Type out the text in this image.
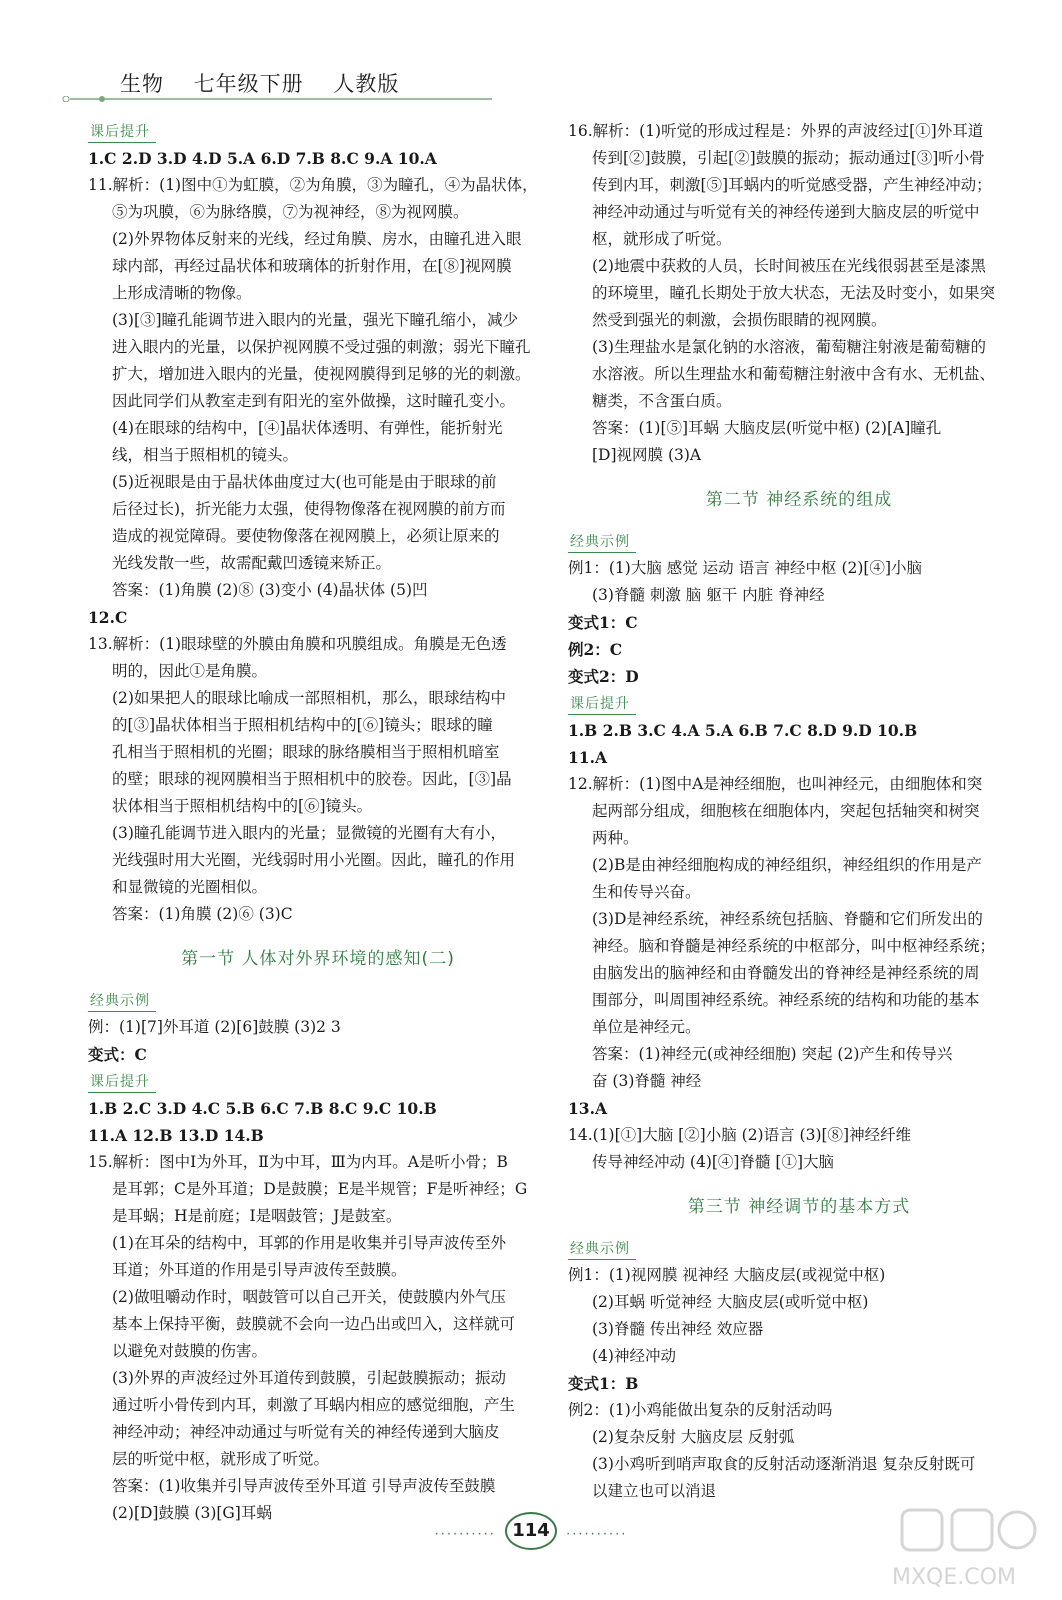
生物 七年级下册 人教版
课后提升
1.C 2.D 3.D 4.D 5.A 6.D 7.B 8.C 9.A 10.A
11.解析：(1)图中①为虹膜，②为角膜，③为瞳孔，④为晶状体，
⑤为巩膜，⑥为脉络膜，⑦为视神经，⑧为视网膜。
(2)外界物体反射来的光线，经过角膜、房水，由瞳孔进入眼
球内部，再经过晶状体和玻璃体的折射作用，在[⑧]视网膜
上形成清晰的物像。
(3)[③]瞳孔能调节进入眼内的光量，强光下瞳孔缩小，减少
进入眼内的光量，以保护视网膜不受过强的刺激；弱光下瞳孔
扩大，增加进入眼内的光量，使视网膜得到足够的光的刺激。
因此同学们从教室走到有阳光的室外做操，这时瞳孔变小。
(4)在眼球的结构中，[④]晶状体透明、有弹性，能折射光
线，相当于照相机的镜头。
(5)近视眼是由于晶状体曲度过大(也可能是由于眼球的前
后径过长)，折光能力太强，使得物像落在视网膜的前方而
造成的视觉障碍。要使物像落在视网膜上，必须让原来的
光线发散一些，故需配戴凹透镜来矫正。
答案：(1)角膜 (2)⑧ (3)变小 (4)晶状体 (5)凹
12.C
13.解析：(1)眼球壁的外膜由角膜和巩膜组成。角膜是无色透
明的，因此①是角膜。
(2)如果把人的眼球比喻成一部照相机，那么，眼球结构中
的[③]晶状体相当于照相机结构中的[⑥]镜头；眼球的瞳
孔相当于照相机的光圈；眼球的脉络膜相当于照相机暗室
的壁；眼球的视网膜相当于照相机中的胶卷。因此，[③]晶
状体相当于照相机结构中的[⑥]镜头。
(3)瞳孔能调节进入眼内的光量；显微镜的光圈有大有小，
光线强时用大光圈，光线弱时用小光圈。因此，瞳孔的作用
和显微镜的光圈相似。
答案：(1)角膜 (2)⑥ (3)C
第一节 人体对外界环境的感知(二)
经典示例
例：(1)[7]外耳道 (2)[6]鼓膜 (3)2 3
变式：C
课后提升
1.B 2.C 3.D 4.C 5.B 6.C 7.B 8.C 9.C 10.B
11.A 12.B 13.D 14.B
15.解析：图中Ⅰ为外耳，Ⅱ为中耳，Ⅲ为内耳。A是听小骨；B
是耳郭；C是外耳道；D是鼓膜；E是半规管；F是听神经；G
是耳蜗；H是前庭；I是咽鼓管；J是鼓室。
(1)在耳朵的结构中，耳郭的作用是收集并引导声波传至外
耳道；外耳道的作用是引导声波传至鼓膜。
(2)做咀嚼动作时，咽鼓管可以自己开关，使鼓膜内外气压
基本上保持平衡，鼓膜就不会向一边凸出或凹入，这样就可
以避免对鼓膜的伤害。
(3)外界的声波经过外耳道传到鼓膜，引起鼓膜振动；振动
通过听小骨传到内耳，刺激了耳蜗内相应的感觉细胞，产生
神经冲动；神经冲动通过与听觉有关的神经传递到大脑皮
层的听觉中枢，就形成了听觉。
答案：(1)收集并引导声波传至外耳道 引导声波传至鼓膜
(2)[D]鼓膜 (3)[G]耳蜗
16.解析：(1)听觉的形成过程是：外界的声波经过[①]外耳道
传到[②]鼓膜，引起[②]鼓膜的振动；振动通过[③]听小骨
传到内耳，刺激[⑤]耳蜗内的听觉感受器，产生神经冲动；
神经冲动通过与听觉有关的神经传递到大脑皮层的听觉中
枢，就形成了听觉。
(2)地震中获救的人员，长时间被压在光线很弱甚至是漆黑
的环境里，瞳孔长期处于放大状态，无法及时变小，如果突
然受到强光的刺激，会损伤眼睛的视网膜。
(3)生理盐水是氯化钠的水溶液，葡萄糖注射液是葡萄糖的
水溶液。所以生理盐水和葡萄糖注射液中含有水、无机盐、
糖类，不含蛋白质。
答案：(1)[⑤]耳蜗 大脑皮层(听觉中枢) (2)[A]瞳孔
[D]视网膜 (3)A
第二节 神经系统的组成
经典示例
例1：(1)大脑 感觉 运动 语言 神经中枢 (2)[④]小脑
(3)脊髓 刺激 脑 躯干 内脏 脊神经
变式1：C
例2：C
变式2：D
课后提升
1.B 2.B 3.C 4.A 5.A 6.B 7.C 8.D 9.D 10.B
11.A
12.解析：(1)图中A是神经细胞，也叫神经元，由细胞体和突
起两部分组成，细胞核在细胞体内，突起包括轴突和树突
两种。
(2)B是由神经细胞构成的神经组织，神经组织的作用是产
生和传导兴奋。
(3)D是神经系统，神经系统包括脑、脊髓和它们所发出的
神经。脑和脊髓是神经系统的中枢部分，叫中枢神经系统；
由脑发出的脑神经和由脊髓发出的脊神经是神经系统的周
围部分，叫周围神经系统。神经系统的结构和功能的基本
单位是神经元。
答案：(1)神经元(或神经细胞) 突起 (2)产生和传导兴
奋 (3)脊髓 神经
13.A
14.(1)[①]大脑 [②]小脑 (2)语言 (3)[⑧]神经纤维
传导神经冲动 (4)[④]脊髓 [①]大脑
第三节 神经调节的基本方式
经典示例
例1：(1)视网膜 视神经 大脑皮层(或视觉中枢)
(2)耳蜗 听觉神经 大脑皮层(或听觉中枢)
(3)脊髓 传出神经 效应器
(4)神经冲动
变式1：B
例2：(1)小鸡能做出复杂的反射活动吗
(2)复杂反射 大脑皮层 反射弧
(3)小鸡听到哨声取食的反射活动逐渐消退 复杂反射既可
以建立也可以消退
.......... 114 ..........
MXQE.COM
